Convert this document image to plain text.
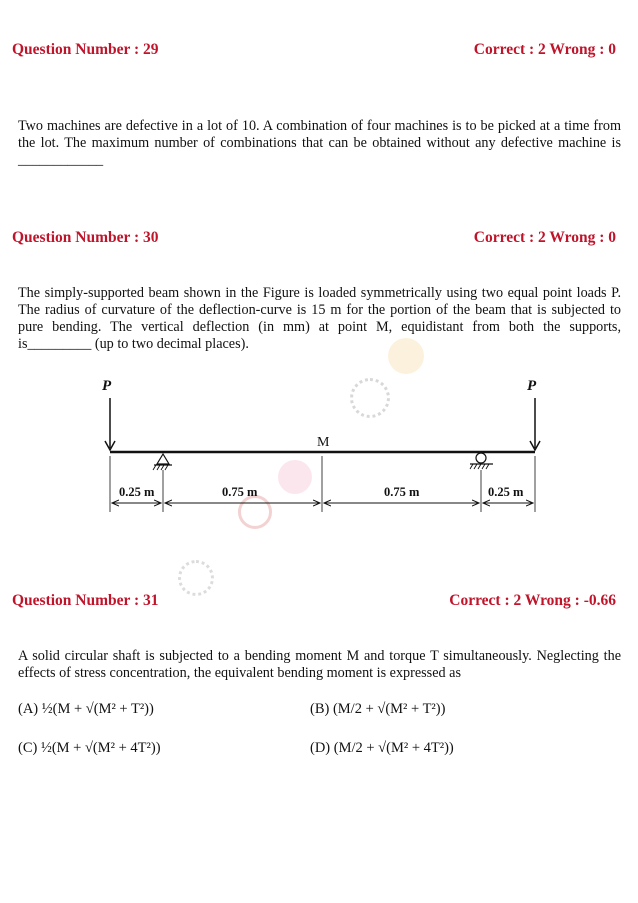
Question Number : 29	Correct : 2 Wrong : 0
Two machines are defective in a lot of 10. A combination of four machines is to be picked at a time from the lot. The maximum number of combinations that can be obtained without any defective machine is ____________
Question Number : 30	Correct : 2 Wrong : 0
The simply-supported beam shown in the Figure is loaded symmetrically using two equal point loads P. The radius of curvature of the deflection-curve is 15 m for the portion of the beam that is subjected to pure bending. The vertical deflection (in mm) at point M, equidistant from both the supports, is_________ (up to two decimal places).
P	P
M
0.25 m	0.75 m	0.75 m	0.25 m
Question Number : 31	Correct : 2 Wrong : -0.66
A solid circular shaft is subjected to a bending moment M and torque T simultaneously. Neglecting the effects of stress concentration, the equivalent bending moment is expressed as
(A) ½(M + √(M² + T²))	(B) (M/2 + √(M² + T²))
(C) ½(M + √(M² + 4T²))	(D) (M/2 + √(M² + 4T²))
